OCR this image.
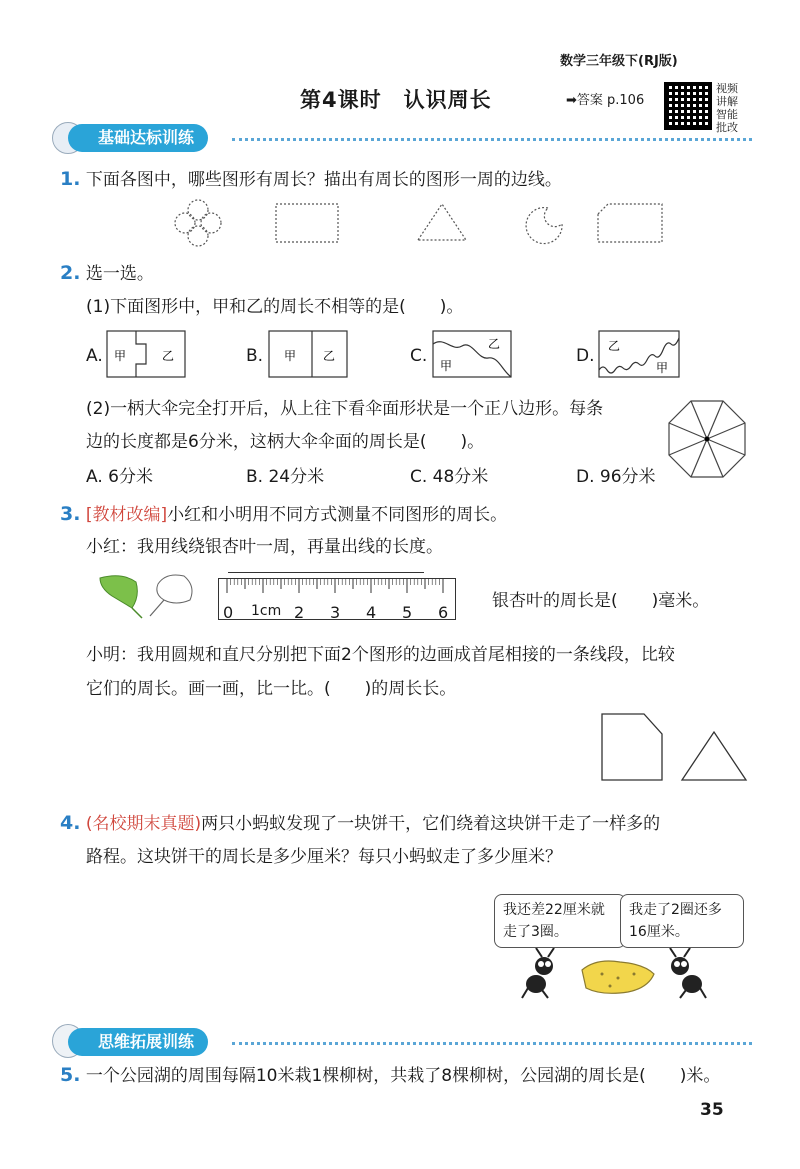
数学三年级下(RJ版)
第4课时　认识周长	➡答案 p.106
视频讲解 智能批改
基础达标训练
1. 下面各图中，哪些图形有周长？描出有周长的图形一周的边线。
2. 选一选。
(1)下面图形中，甲和乙的周长不相等的是(　　)。
A. 甲	乙	B. 甲 乙	C. 甲
乙
D. 乙
甲
(2)一柄大伞完全打开后，从上往下看伞面形状是一个正八边形。每条
边的长度都是6分米，这柄大伞伞面的周长是(　　)。
A. 6分米	B. 24分米	C. 48分米	D. 96分米
3. [教材改编]小红和小明用不同方式测量不同图形的周长。
小红：我用线绕银杏叶一周，再量出线的长度。
0 1cm 2 3 4 5 6
银杏叶的周长是(　　)毫米。
小明：我用圆规和直尺分别把下面2个图形的边画成首尾相接的一条线段，比较
它们的周长。画一画，比一比。(　　)的周长长。
4. (名校期末真题)两只小蚂蚁发现了一块饼干，它们绕着这块饼干走了一样多的
路程。这块饼干的周长是多少厘米？每只小蚂蚁走了多少厘米？
我还差22厘米就走了3圈。
我走了2圈还多16厘米。
思维拓展训练
5. 一个公园湖的周围每隔10米栽1棵柳树，共栽了8棵柳树，公园湖的周长是(　　)米。
35
